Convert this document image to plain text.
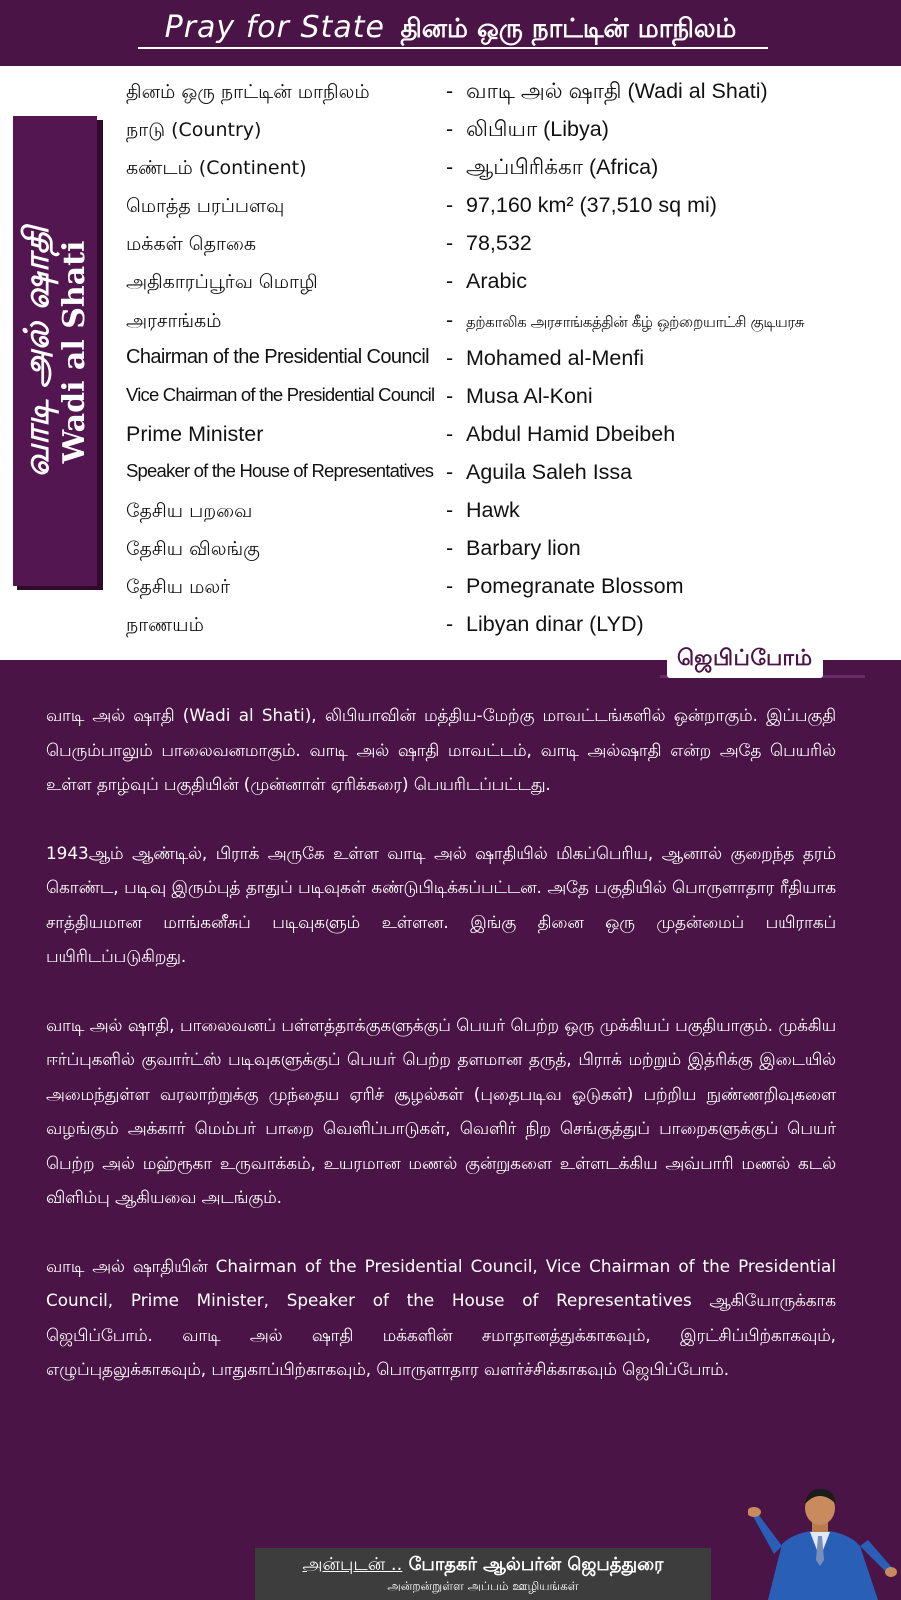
Pray for State தினம் ஒரு நாட்டின் மாநிலம்
வாடி அல் ஷாதி Wadi al Shati
தினம் ஒரு நாட்டின் மாநிலம்	- வாடி அல் ஷாதி (Wadi al Shati)
நாடு (Country)	- லிபியா (Libya)
கண்டம் (Continent)	- ஆப்பிரிக்கா (Africa)
மொத்த பரப்பளவு	- 97,160 km² (37,510 sq mi)
மக்கள் தொகை	- 78,532
அதிகாரப்பூர்வ மொழி	- Arabic
அரசாங்கம்	- தற்காலிக அரசாங்கத்தின் கீழ் ஒற்றையாட்சி குடியரசு
Chairman of the Presidential Council - Mohamed al-Menfi
Vice Chairman of the Presidential Council - Musa Al-Koni
Prime Minister	- Abdul Hamid Dbeibeh
Speaker of the House of Representatives - Aguila Saleh Issa
தேசிய பறவை	- Hawk
தேசிய விலங்கு	- Barbary lion
தேசிய மலர்	- Pomegranate Blossom
நாணயம்	- Libyan dinar (LYD)
ஜெபிப்போம்

வாடி அல் ஷாதி (Wadi al Shati), லிபியாவின் மத்திய-மேற்கு மாவட்டங்களில் ஒன்றாகும். இப்பகுதி பெரும்பாலும் பாலைவனமாகும். வாடி அல் ஷாதி மாவட்டம், வாடி அல்ஷாதி என்ற அதே பெயரில் உள்ள தாழ்வுப் பகுதியின் (முன்னாள் ஏரிக்கரை) பெயரிடப்பட்டது.

1943ஆம் ஆண்டில், பிராக் அருகே உள்ள வாடி அல் ஷாதியில் மிகப்பெரிய, ஆனால் குறைந்த தரம் கொண்ட, படிவு இரும்புத் தாதுப் படிவுகள் கண்டுபிடிக்கப்பட்டன. அதே பகுதியில் பொருளாதார ரீதியாக சாத்தியமான மாங்கனீசுப் படிவுகளும் உள்ளன. இங்கு தினை ஒரு முதன்மைப் பயிராகப் பயிரிடப்படுகிறது.

வாடி அல் ஷாதி, பாலைவனப் பள்ளத்தாக்குகளுக்குப் பெயர் பெற்ற ஒரு முக்கியப் பகுதியாகும். முக்கிய ஈர்ப்புகளில் குவார்ட்ஸ் படிவுகளுக்குப் பெயர் பெற்ற தளமான தருத், பிராக் மற்றும் இத்ரிக்கு இடையில் அமைந்துள்ள வரலாற்றுக்கு முந்தைய ஏரிச் சூழல்கள் (புதைபடிவ ஓடுகள்) பற்றிய நுண்ணறிவுகளை வழங்கும் அக்கார் மெம்பர் பாறை வெளிப்பாடுகள், வெளிர் நிற செங்குத்துப் பாறைகளுக்குப் பெயர் பெற்ற அல் மஹ்ரூகா உருவாக்கம், உயரமான மணல் குன்றுகளை உள்ளடக்கிய அவ்பாரி மணல் கடல் விளிம்பு ஆகியவை அடங்கும்.

வாடி அல் ஷாதியின் Chairman of the Presidential Council, Vice Chairman of the Presidential Council, Prime Minister, Speaker of the House of Representatives ஆகியோருக்காக ஜெபிப்போம். வாடி அல் ஷாதி மக்களின் சமாதானத்துக்காகவும், இரட்சிப்பிற்காகவும், எழுப்புதலுக்காகவும், பாதுகாப்பிற்காகவும், பொருளாதார வளர்ச்சிக்காகவும் ஜெபிப்போம்.

அன்புடன் .. போதகர் ஆல்பர்ன் ஜெபத்துரை
அன்றன்றுள்ள அப்பம் ஊழியங்கள்
